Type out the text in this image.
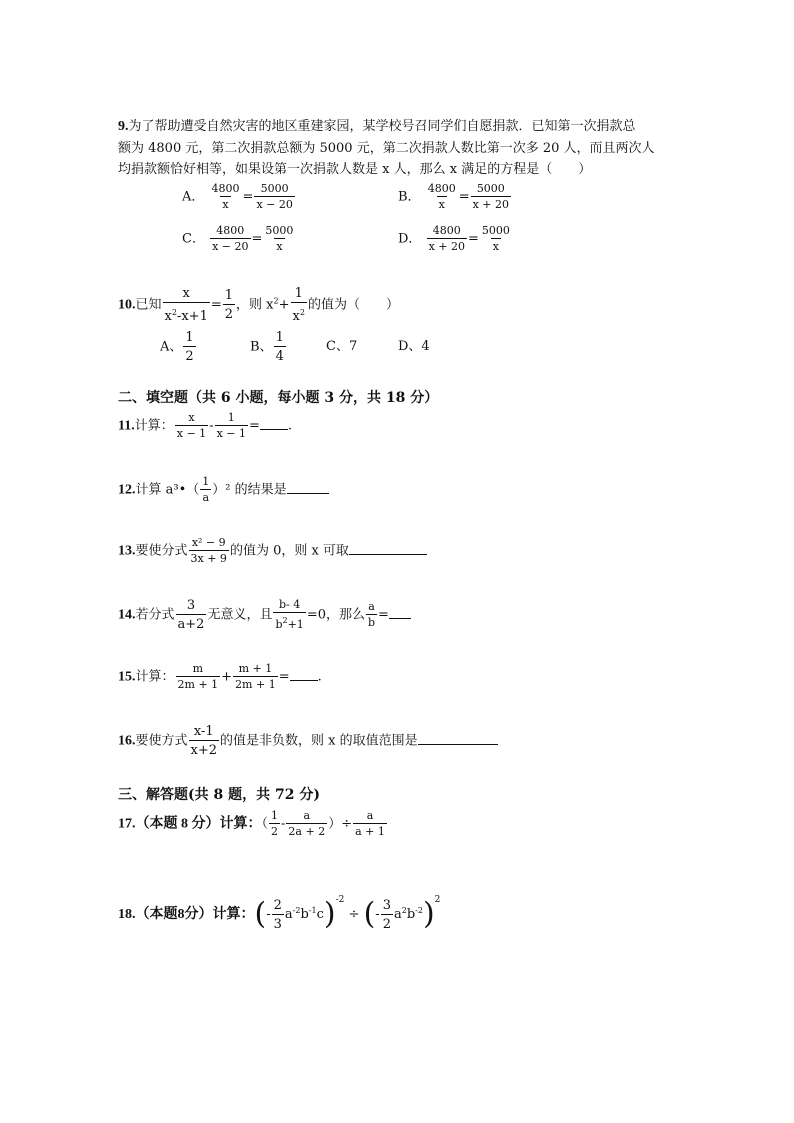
9.为了帮助遭受自然灾害的地区重建家园，某学校号召同学们自愿捐款．已知第一次捐款总
额为 4800 元，第二次捐款总额为 5000 元，第二次捐款人数比第一次多 20 人，而且两次人
均捐款额恰好相等，如果设第一次捐款人数是 x 人，那么 x 满足的方程是（　　）
A． $\frac{4800}{x} = \frac{5000}{x - 20}$	B． $\frac{4800}{x} = \frac{5000}{x + 20}$
C． $\frac{4800}{x - 20} = \frac{5000}{x}$	D． $\frac{4800}{x + 20} = \frac{5000}{x}$
10.已知 $\frac{x}{x^2-x+1} = \frac{1}{2}$ ，则 $x^2+ \frac{1}{x^2}$ 的值为（　　）
A、 $\frac{1}{2}$	B、 $\frac{1}{4}$	C、7	D、4
二、填空题（共 6 小题，每小题 3 分，共 18 分）
11.计算： $\frac{x}{x - 1} - \frac{1}{x - 1}$ = .
12.计算 a³•（ $\frac{1}{a} )^2$ 的结果是
13.要使分式 $\frac{\text{x² − 9}}{3x + 9}$ 的值为 0，则 x 可取
14.若分式 $\frac{3}{a+2}$ 无意义，且 $\frac{b- 4}{b^2+1} =0$，那么 $\frac{a}{b}$ =
15.计算： $\frac{m}{2m + 1} + \frac{m + 1}{2m + 1}$ = .
16.要使方式 $\frac{x-1}{x+2}$ 的值是非负数，则 x 的取值范围是
三、解答题(共 8 题，共 72 分)
17.（本题 8 分）计算：（ $\frac{1}{2} - \frac{a}{2a + 2}$ ）÷ $\frac{a}{a + 1}$
18.（本题8分）计算：(- $\frac{2}{3} a^{-2}b^{-1}c)^{-2}$ ÷ (- $\frac{3}{2} a^2b^{-2})^2$
